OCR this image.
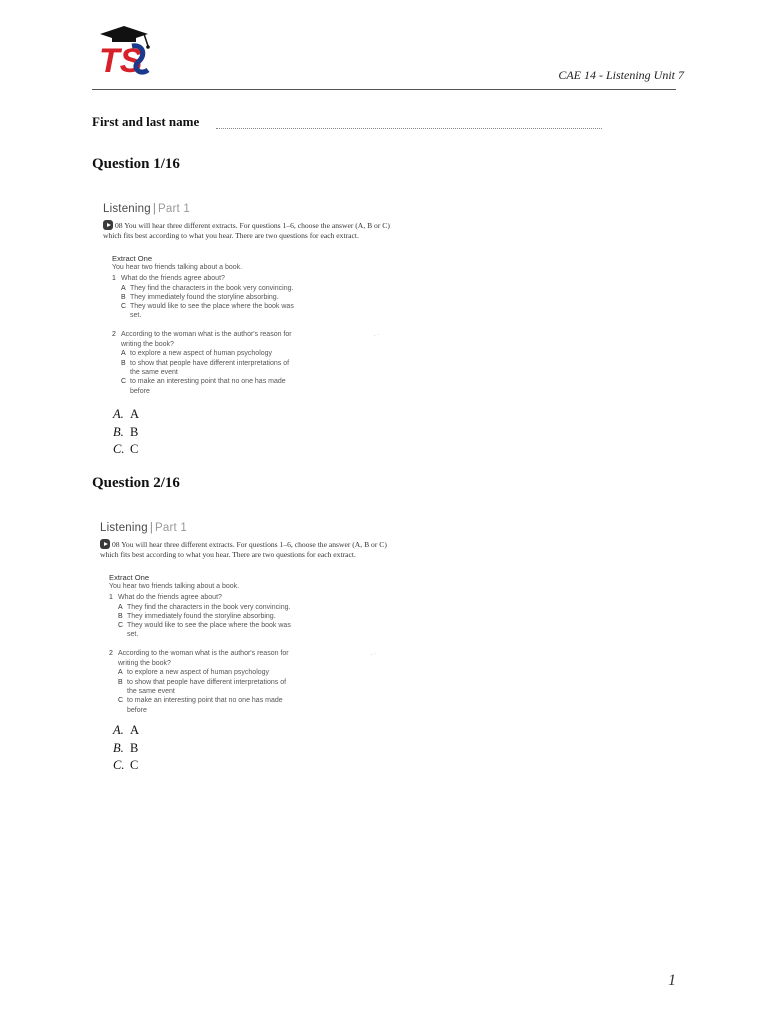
TS	CAE 14 - Listening Unit 7
First and last name
Question 1/16
Listening | Part 1
08 You will hear three different extracts. For questions 1–6, choose the answer (A, B or C)
which fits best according to what you hear. There are two questions for each extract.
Extract One
You hear two friends talking about a book.
1 What do the friends agree about?
A They find the characters in the book very convincing.
B They immediately found the storyline absorbing.
C They would like to see the place where the book was
set.
2 According to the woman what is the author's reason for	. ·
writing the book?
A to explore a new aspect of human psychology
B to show that people have different interpretations of
the same event
C to make an interesting point that no one has made
before
A. A
B. B
C. C
Question 2/16
Listening | Part 1
08 You will hear three different extracts. For questions 1–6, choose the answer (A, B or C)
which fits best according to what you hear. There are two questions for each extract.
Extract One
You hear two friends talking about a book.
1 What do the friends agree about?
A They find the characters in the book very convincing.
B They immediately found the storyline absorbing.
C They would like to see the place where the book was
set.
2 According to the woman what is the author's reason for	. ·
writing the book?
A to explore a new aspect of human psychology
B to show that people have different interpretations of
the same event
C to make an interesting point that no one has made
before
A. A
B. B
C. C
1
